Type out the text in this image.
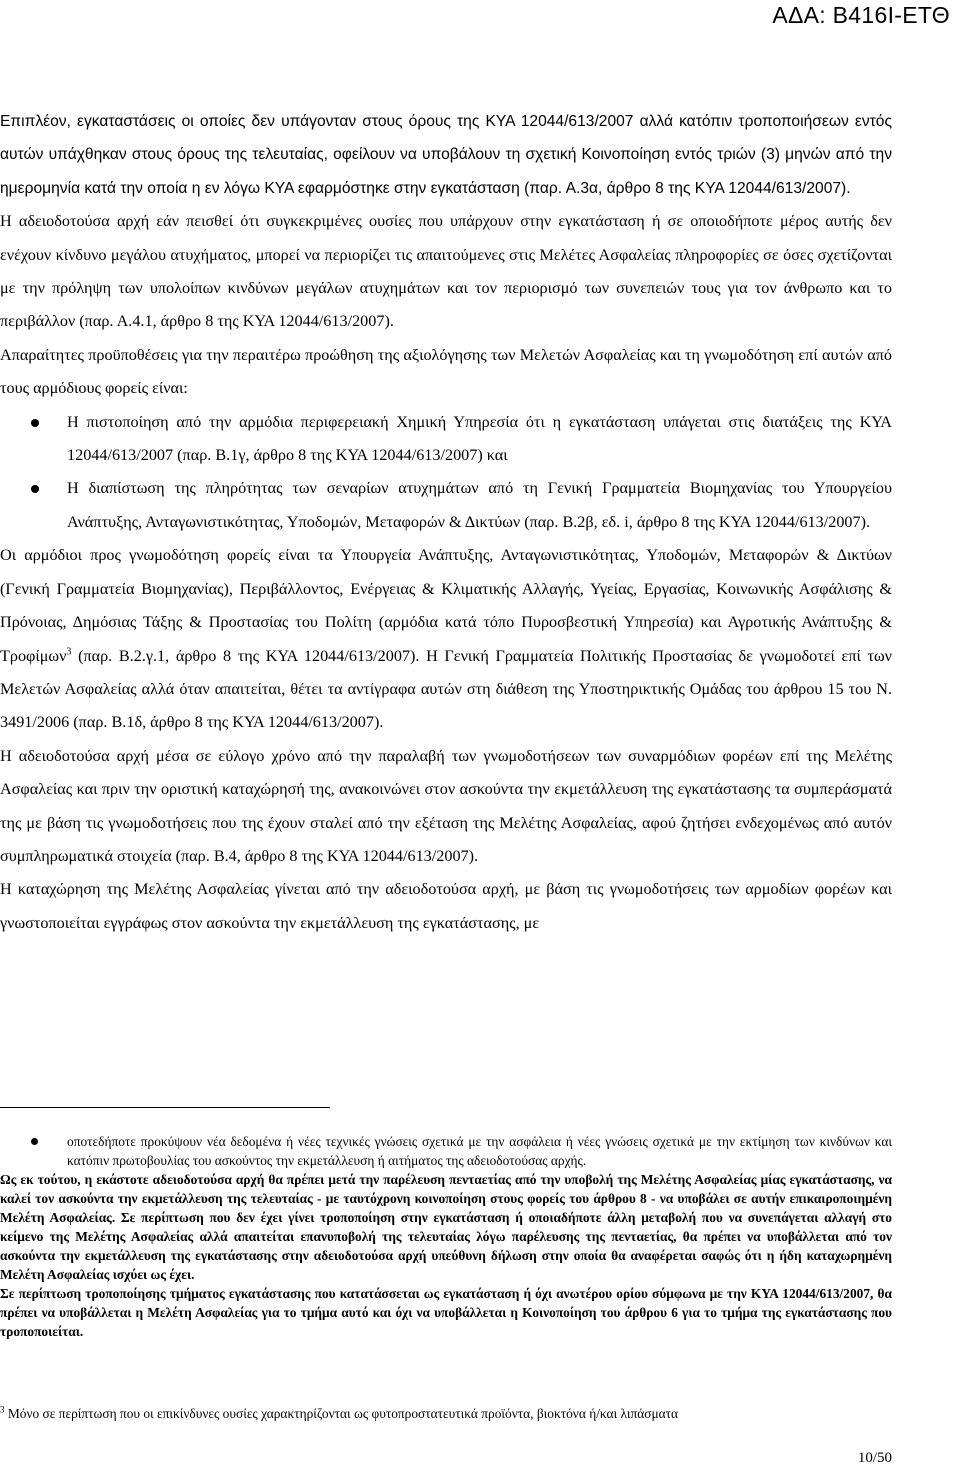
ΑΔΑ: Β416Ι-ΕΤΘ

Επιπλέον, εγκαταστάσεις οι οποίες δεν υπάγονταν στους όρους της ΚΥΑ 12044/613/2007 αλλά κατόπιν τροποποιήσεων εντός αυτών υπάχθηκαν στους όρους της τελευταίας, οφείλουν να υποβάλουν τη σχετική Κοινοποίηση εντός τριών (3) μηνών από την ημερομηνία κατά την οποία η εν λόγω ΚΥΑ εφαρμόστηκε στην εγκατάσταση (παρ. Α.3α, άρθρο 8 της ΚΥΑ 12044/613/2007).

Η αδειοδοτούσα αρχή εάν πεισθεί ότι συγκεκριμένες ουσίες που υπάρχουν στην εγκατάσταση ή σε οποιοδήποτε μέρος αυτής δεν ενέχουν κίνδυνο μεγάλου ατυχήματος, μπορεί να περιορίζει τις απαιτούμενες στις Μελέτες Ασφαλείας πληροφορίες σε όσες σχετίζονται με την πρόληψη των υπολοίπων κινδύνων μεγάλων ατυχημάτων και τον περιορισμό των συνεπειών τους για τον άνθρωπο και το περιβάλλον (παρ. Α.4.1, άρθρο 8 της ΚΥΑ 12044/613/2007).

Απαραίτητες προϋποθέσεις για την περαιτέρω προώθηση της αξιολόγησης των Μελετών Ασφαλείας και τη γνωμοδότηση επί αυτών από τους αρμόδιους φορείς είναι:

Η πιστοποίηση από την αρμόδια περιφερειακή Χημική Υπηρεσία ότι η εγκατάσταση υπάγεται στις διατάξεις της ΚΥΑ 12044/613/2007 (παρ. Β.1γ, άρθρο 8 της ΚΥΑ 12044/613/2007) και
Η διαπίστωση της πληρότητας των σεναρίων ατυχημάτων από τη Γενική Γραμματεία Βιομηχανίας του Υπουργείου Ανάπτυξης, Ανταγωνιστικότητας, Υποδομών, Μεταφορών & Δικτύων (παρ. Β.2β, εδ. i, άρθρο 8 της ΚΥΑ 12044/613/2007).

Οι αρμόδιοι προς γνωμοδότηση φορείς είναι τα Υπουργεία Ανάπτυξης, Ανταγωνιστικότητας, Υποδομών, Μεταφορών & Δικτύων (Γενική Γραμματεία Βιομηχανίας), Περιβάλλοντος, Ενέργειας & Κλιματικής Αλλαγής, Υγείας, Εργασίας, Κοινωνικής Ασφάλισης & Πρόνοιας, Δημόσιας Τάξης & Προστασίας του Πολίτη (αρμόδια κατά τόπο Πυροσβεστική Υπηρεσία) και Αγροτικής Ανάπτυξης & Τροφίμων$^3$ (παρ. Β.2.γ.1, άρθρο 8 της ΚΥΑ 12044/613/2007). Η Γενική Γραμματεία Πολιτικής Προστασίας δε γνωμοδοτεί επί των Μελετών Ασφαλείας αλλά όταν απαιτείται, θέτει τα αντίγραφα αυτών στη διάθεση της Υποστηρικτικής Ομάδας του άρθρου 15 του Ν. 3491/2006 (παρ. Β.1δ, άρθρο 8 της ΚΥΑ 12044/613/2007).

Η αδειοδοτούσα αρχή μέσα σε εύλογο χρόνο από την παραλαβή των γνωμοδοτήσεων των συναρμόδιων φορέων επί της Μελέτης Ασφαλείας και πριν την οριστική καταχώρησή της, ανακοινώνει στον ασκούντα την εκμετάλλευση της εγκατάστασης τα συμπεράσματά της με βάση τις γνωμοδοτήσεις που της έχουν σταλεί από την εξέταση της Μελέτης Ασφαλείας, αφού ζητήσει ενδεχομένως από αυτόν συμπληρωματικά στοιχεία (παρ. Β.4, άρθρο 8 της ΚΥΑ 12044/613/2007).

Η καταχώρηση της Μελέτης Ασφαλείας γίνεται από την αδειοδοτούσα αρχή, με βάση τις γνωμοδοτήσεις των αρμοδίων φορέων και γνωστοποιείται εγγράφως στον ασκούντα την εκμετάλλευση της εγκατάστασης, με

οποτεδήποτε προκύψουν νέα δεδομένα ή νέες τεχνικές γνώσεις σχετικά με την ασφάλεια ή νέες γνώσεις σχετικά με την εκτίμηση των κινδύνων και κατόπιν πρωτοβουλίας του ασκούντος την εκμετάλλευση ή αιτήματος της αδειοδοτούσας αρχής.

Ως εκ τούτου, η εκάστοτε αδειοδοτούσα αρχή θα πρέπει μετά την παρέλευση πενταετίας από την υποβολή της Μελέτης Ασφαλείας μίας εγκατάστασης, να καλεί τον ασκούντα την εκμετάλλευση της τελευταίας - με ταυτόχρονη κοινοποίηση στους φορείς του άρθρου 8 - να υποβάλει σε αυτήν επικαιροποιημένη Μελέτη Ασφαλείας. Σε περίπτωση που δεν έχει γίνει τροποποίηση στην εγκατάσταση ή οποιαδήποτε άλλη μεταβολή που να συνεπάγεται αλλαγή στο κείμενο της Μελέτης Ασφαλείας αλλά απαιτείται επανυποβολή της τελευταίας λόγω παρέλευσης της πενταετίας, θα πρέπει να υποβάλλεται από τον ασκούντα την εκμετάλλευση της εγκατάστασης στην αδειοδοτούσα αρχή υπεύθυνη δήλωση στην οποία θα αναφέρεται σαφώς ότι η ήδη καταχωρημένη Μελέτη Ασφαλείας ισχύει ως έχει.

Σε περίπτωση τροποποίησης τμήματος εγκατάστασης που κατατάσσεται ως εγκατάσταση ή όχι ανωτέρου ορίου σύμφωνα με την ΚΥΑ 12044/613/2007, θα πρέπει να υποβάλλεται η Μελέτη Ασφαλείας για το τμήμα αυτό και όχι να υποβάλλεται η Κοινοποίηση του άρθρου 6 για το τμήμα της εγκατάστασης που τροποποιείται.

$^3$ Μόνο σε περίπτωση που οι επικίνδυνες ουσίες χαρακτηρίζονται ως φυτοπροστατευτικά προϊόντα, βιοκτόνα ή/και λιπάσματα
10/50
